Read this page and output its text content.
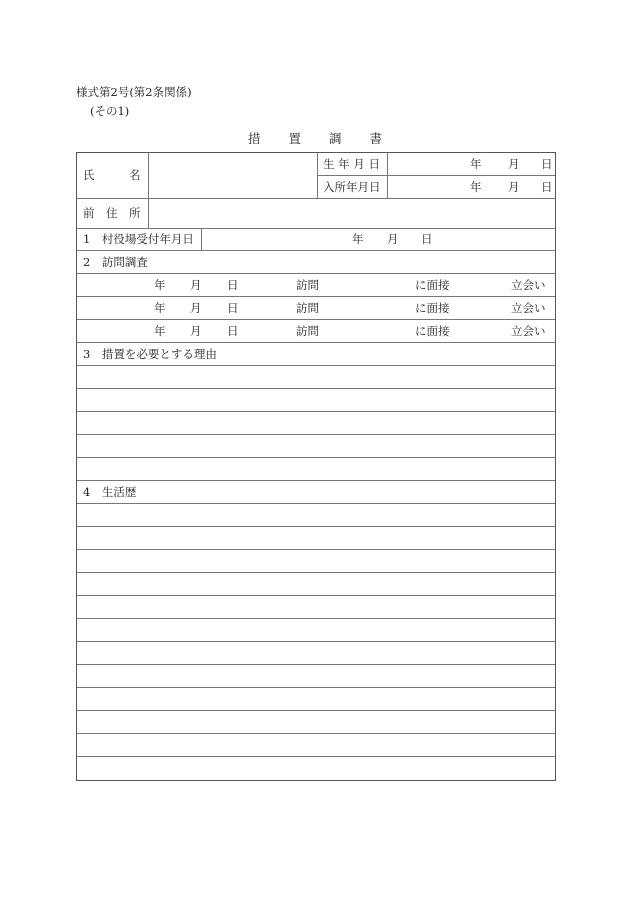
様式第2号(第2条関係)
(その1)
措 置 調 書
氏　　　名
生 年 月 日	年 月 日
入所年月日	年 月 日
前　住　所
1　村役場受付年月日	年 月 日
2　訪問調査
年 月 日	訪問	に面接	立会い
年 月 日	訪問	に面接	立会い
年 月 日	訪問	に面接	立会い
3　措置を必要とする理由
4　生活歴
